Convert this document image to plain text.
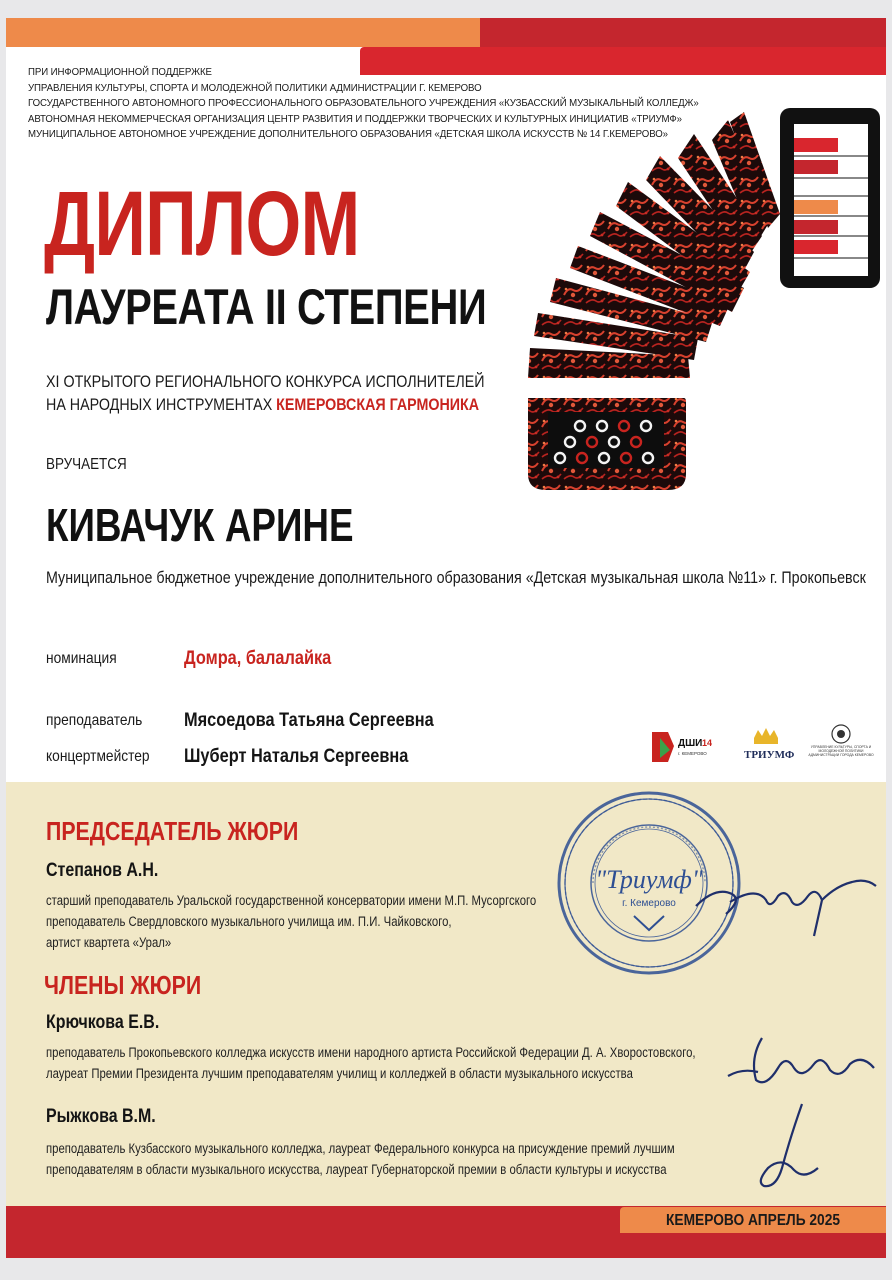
ПРИ ИНФОРМАЦИОННОЙ ПОДДЕРЖКЕ
УПРАВЛЕНИЯ КУЛЬТУРЫ, СПОРТА И МОЛОДЕЖНОЙ ПОЛИТИКИ АДМИНИСТРАЦИИ Г. КЕМЕРОВО
ГОСУДАРСТВЕННОГО АВТОНОМНОГО ПРОФЕССИОНАЛЬНОГО ОБРАЗОВАТЕЛЬНОГО УЧРЕЖДЕНИЯ «КУЗБАССКИЙ МУЗЫКАЛЬНЫЙ КОЛЛЕДЖ»
АВТОНОМНАЯ НЕКОММЕРЧЕСКАЯ ОРГАНИЗАЦИЯ ЦЕНТР РАЗВИТИЯ И ПОДДЕРЖКИ ТВОРЧЕСКИХ И КУЛЬТУРНЫХ ИНИЦИАТИВ «ТРИУМФ»
МУНИЦИПАЛЬНОЕ АВТОНОМНОЕ УЧРЕЖДЕНИЕ ДОПОЛНИТЕЛЬНОГО ОБРАЗОВАНИЯ «ДЕТСКАЯ ШКОЛА ИСКУССТВ № 14 Г.КЕМЕРОВО»
ДИПЛОМ
ЛАУРЕАТА II СТЕПЕНИ
XI ОТКРЫТОГО РЕГИОНАЛЬНОГО КОНКУРСА ИСПОЛНИТЕЛЕЙ
НА НАРОДНЫХ ИНСТРУМЕНТАХ КЕМЕРОВСКАЯ ГАРМОНИКА
ВРУЧАЕТСЯ
КИВАЧУК АРИНЕ
Муниципальное бюджетное учреждение дополнительного образования «Детская музыкальная школа №11» г. Прокопьевск
номинация	Домра, балалайка
преподаватель Мясоедова Татьяна Сергеевна
концертмейстер Шуберт Наталья Сергеевна
ДШИ 14
г. КЕМЕРОВО	ТРИУМФ
УПРАВЛЕНИЕ КУЛЬТУРЫ, СПОРТА И МОЛОДЕЖНОЙ ПОЛИТИКИ АДМИНИСТРАЦИИ ГОРОДА КЕМЕРОВО
ПРЕДСЕДАТЕЛЬ ЖЮРИ
Степанов А.Н.
старший преподаватель Уральской государственной консерватории имени М.П. Мусоргского
преподаватель Свердловского музыкального училища им. П.И. Чайковского,
артист квартета «Урал»
ЧЛЕНЫ ЖЮРИ
Крючкова Е.В.
преподаватель Прокопьевского колледжа искусств имени народного артиста Российской Федерации Д. А. Хворостовского,
лауреат Премии Президента лучшим преподавателям училищ и колледжей в области музыкального искусства
Рыжкова В.М.
преподаватель Кузбасского музыкального колледжа, лауреат Федерального конкурса на присуждение премий лучшим
преподавателям в области музыкального искусства, лауреат Губернаторской премии в области культуры и искусства
"Триумф"
г. Кемерово
КЕМЕРОВО АПРЕЛЬ 2025
